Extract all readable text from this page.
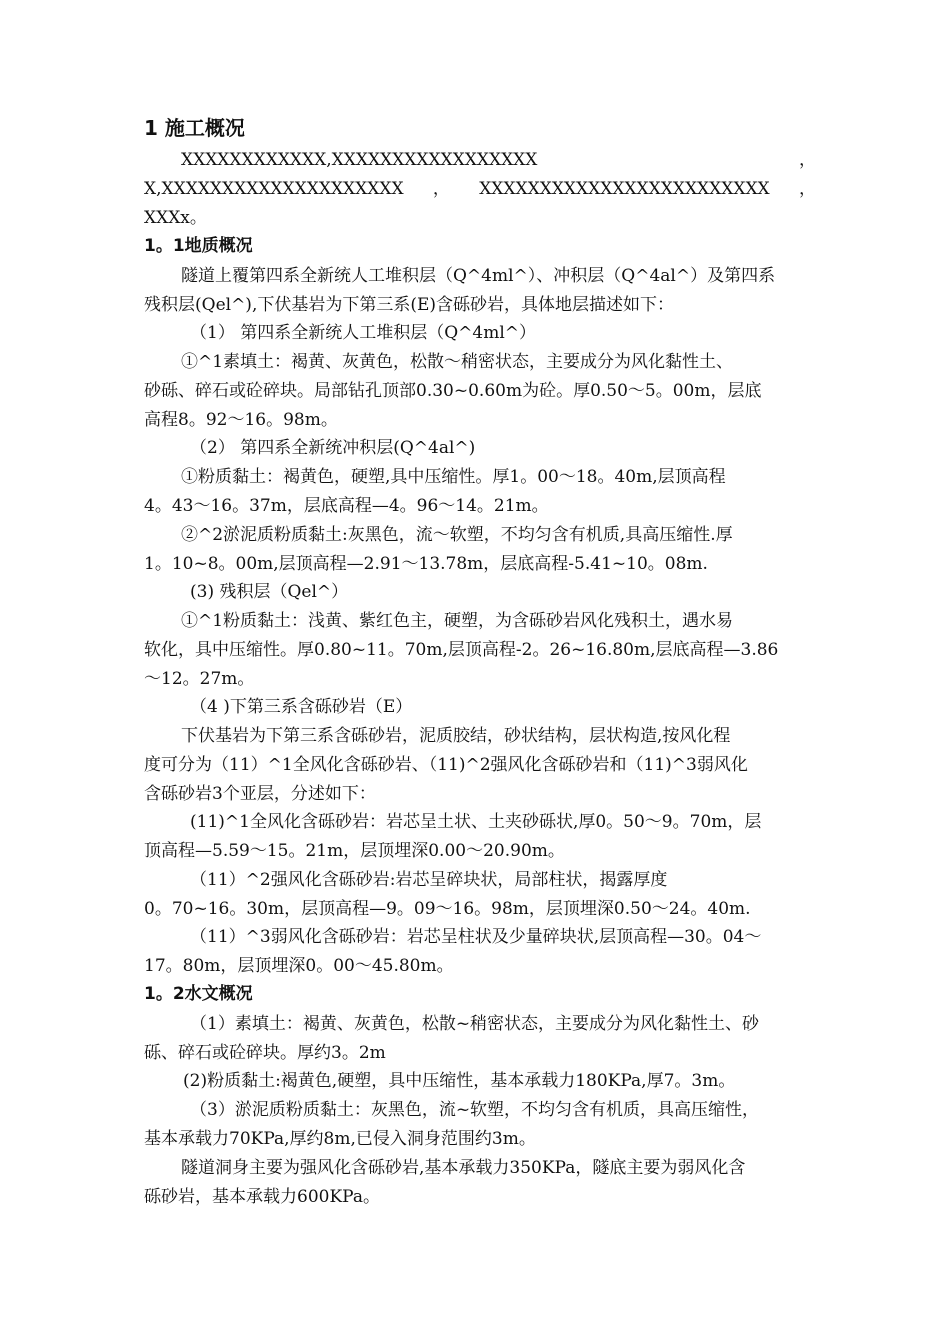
1 施工概况
XXXXXXXXXXXX,XXXXXXXXXXXXXXXXX，
X,XXXXXXXXXXXXXXXXXXXX，XXXXXXXXXXXXXXXXXXXXXXXX，
XXXx。
1。1地质概况
隧道上覆第四系全新统人工堆积层（Q^4ml^）、冲积层（Q^4al^）及第四系
残积层(Qel^),下伏基岩为下第三系(E)含砾砂岩，具体地层描述如下：
（1） 第四系全新统人工堆积层（Q^4ml^）
①^1素填土：褐黄、灰黄色，松散～稍密状态，主要成分为风化黏性土、
砂砾、碎石或砼碎块。局部钻孔顶部0.30~0.60m为砼。厚0.50～5。00m，层底
高程8。92～16。98m。
（2） 第四系全新统冲积层(Q^4al^)
①粉质黏土：褐黄色，硬塑,具中压缩性。厚1。00～18。40m,层顶高程
4。43～16。37m，层底高程—4。96～14。21m。
②^2淤泥质粉质黏土:灰黑色，流～软塑，不均匀含有机质,具高压缩性.厚
1。10~8。00m,层顶高程—2.91～13.78m，层底高程-5.41~10。08m.
(3) 残积层（Qel^）
①^1粉质黏土：浅黄、紫红色主，硬塑，为含砾砂岩风化残积土，遇水易
软化，具中压缩性。厚0.80~11。70m,层顶高程-2。26~16.80m,层底高程—3.86
～12。27m。
（4 )下第三系含砾砂岩（E）
下伏基岩为下第三系含砾砂岩，泥质胶结，砂状结构，层状构造,按风化程
度可分为（11）^1全风化含砾砂岩、（11)^2强风化含砾砂岩和（11)^3弱风化
含砾砂岩3个亚层，分述如下：
(11)^1全风化含砾砂岩：岩芯呈土状、土夹砂砾状,厚0。50～9。70m，层
顶高程—5.59～15。21m，层顶埋深0.00～20.90m。
（11）^2强风化含砾砂岩:岩芯呈碎块状，局部柱状，揭露厚度
0。70~16。30m，层顶高程—9。09～16。98m，层顶埋深0.50～24。40m.
（11）^3弱风化含砾砂岩：岩芯呈柱状及少量碎块状,层顶高程—30。04～
17。80m，层顶埋深0。00～45.80m。
1。2水文概况
（1）素填土：褐黄、灰黄色，松散~稍密状态，主要成分为风化黏性土、砂
砾、碎石或砼碎块。厚约3。2m
(2)粉质黏土:褐黄色,硬塑，具中压缩性，基本承载力180KPa,厚7。3m。
（3）淤泥质粉质黏土：灰黑色，流~软塑，不均匀含有机质，具高压缩性，
基本承载力70KPa,厚约8m,已侵入洞身范围约3m。
隧道洞身主要为强风化含砾砂岩,基本承载力350KPa，隧底主要为弱风化含
砾砂岩，基本承载力600KPa。
